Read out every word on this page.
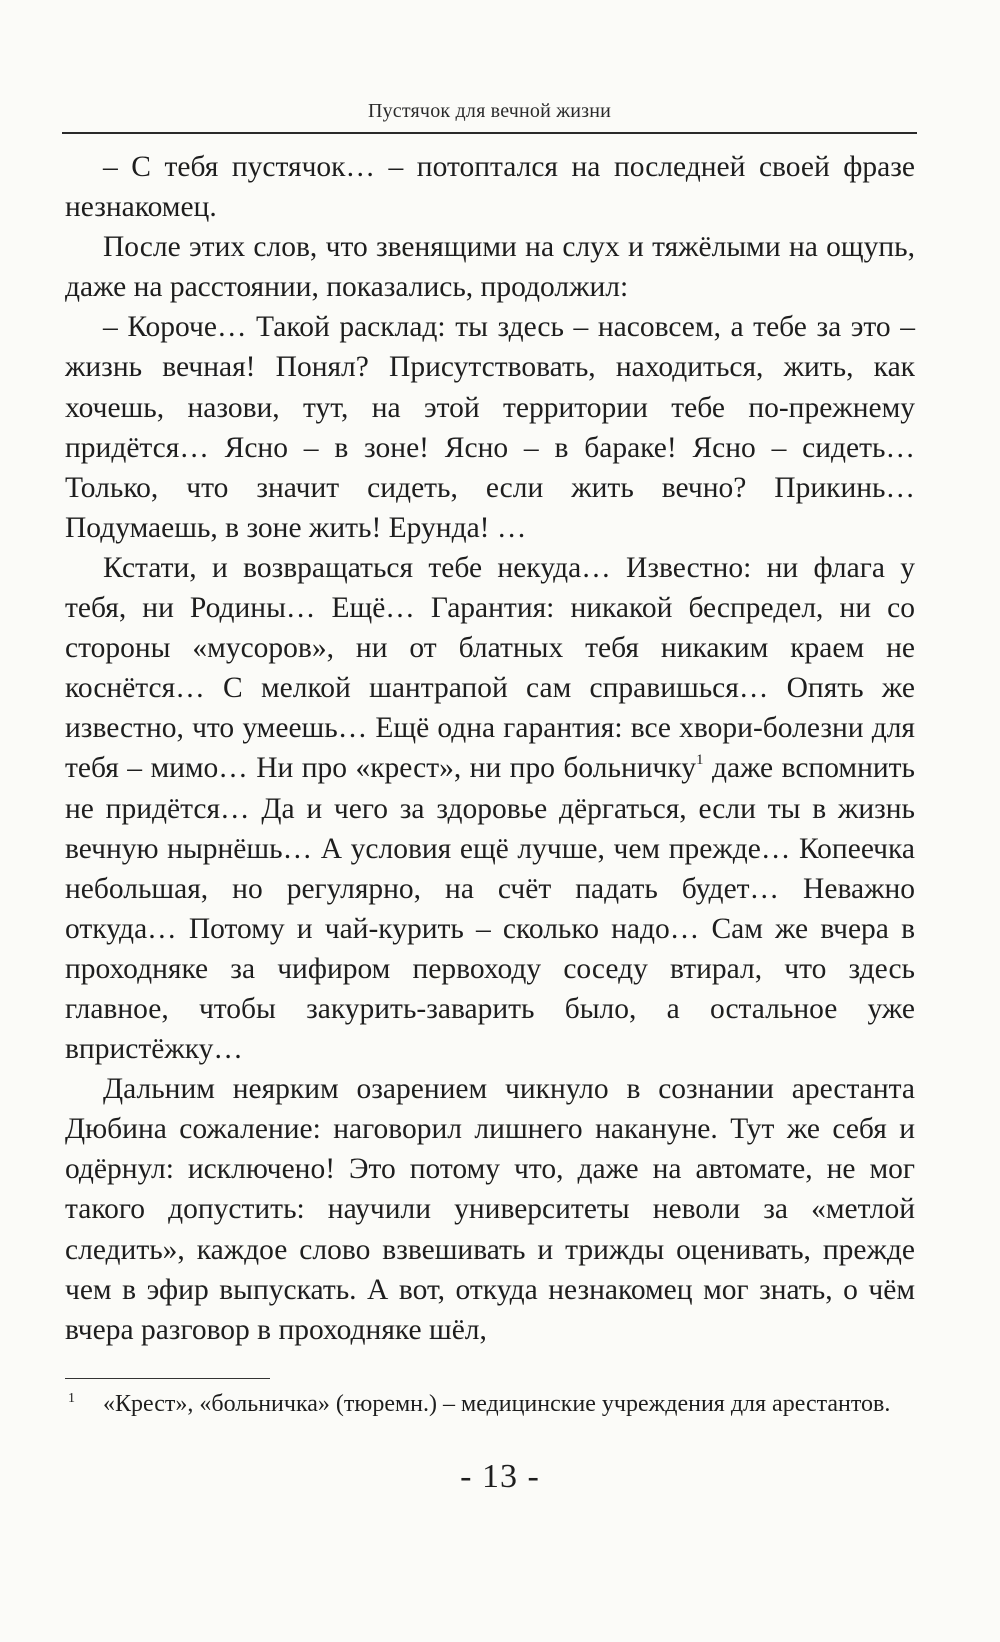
Пустячок для вечной жизни

– С тебя пустячок… – потоптался на последней своей фразе незнакомец.

После этих слов, что звенящими на слух и тяжёлыми на ощупь, даже на расстоянии, показались, продолжил:

– Короче… Такой расклад: ты здесь – насовсем, а тебе за это – жизнь вечная! Понял? Присутствовать, находиться, жить, как хочешь, назови, тут, на этой территории тебе по-прежнему придётся… Ясно – в зоне! Ясно – в бараке! Ясно – сидеть… Только, что значит сидеть, если жить вечно? Прикинь… Подумаешь, в зоне жить! Ерунда! …

Кстати, и возвращаться тебе некуда… Известно: ни флага у тебя, ни Родины… Ещё… Гарантия: никакой беспредел, ни со стороны «мусоров», ни от блатных тебя никаким краем не коснётся… С мелкой шантрапой сам справишься… Опять же известно, что умеешь… Ещё одна гарантия: все хвори-болезни для тебя – мимо… Ни про «крест», ни про больничку$^1$ даже вспомнить не придётся… Да и чего за здоровье дёргаться, если ты в жизнь вечную нырнёшь… А условия ещё лучше, чем прежде… Копеечка небольшая, но регулярно, на счёт падать будет… Неважно откуда… Потому и чай-курить – сколько надо… Сам же вчера в проходняке за чифиром первоходу соседу втирал, что здесь главное, чтобы закурить-заварить было, а остальное уже впристёжку…

Дальним неярким озарением чикнуло в сознании арестанта Дюбина сожаление: наговорил лишнего накануне. Тут же себя и одёрнул: исключено! Это потому что, даже на автомате, не мог такого допустить: научили университеты неволи за «метлой следить», каждое слово взвешивать и трижды оценивать, прежде чем в эфир выпускать. А вот, откуда незнакомец мог знать, о чём вчера разговор в проходняке шёл,

1	«Крест», «больничка» (тюремн.) – медицинские учреждения для арестантов.
- 13 -
